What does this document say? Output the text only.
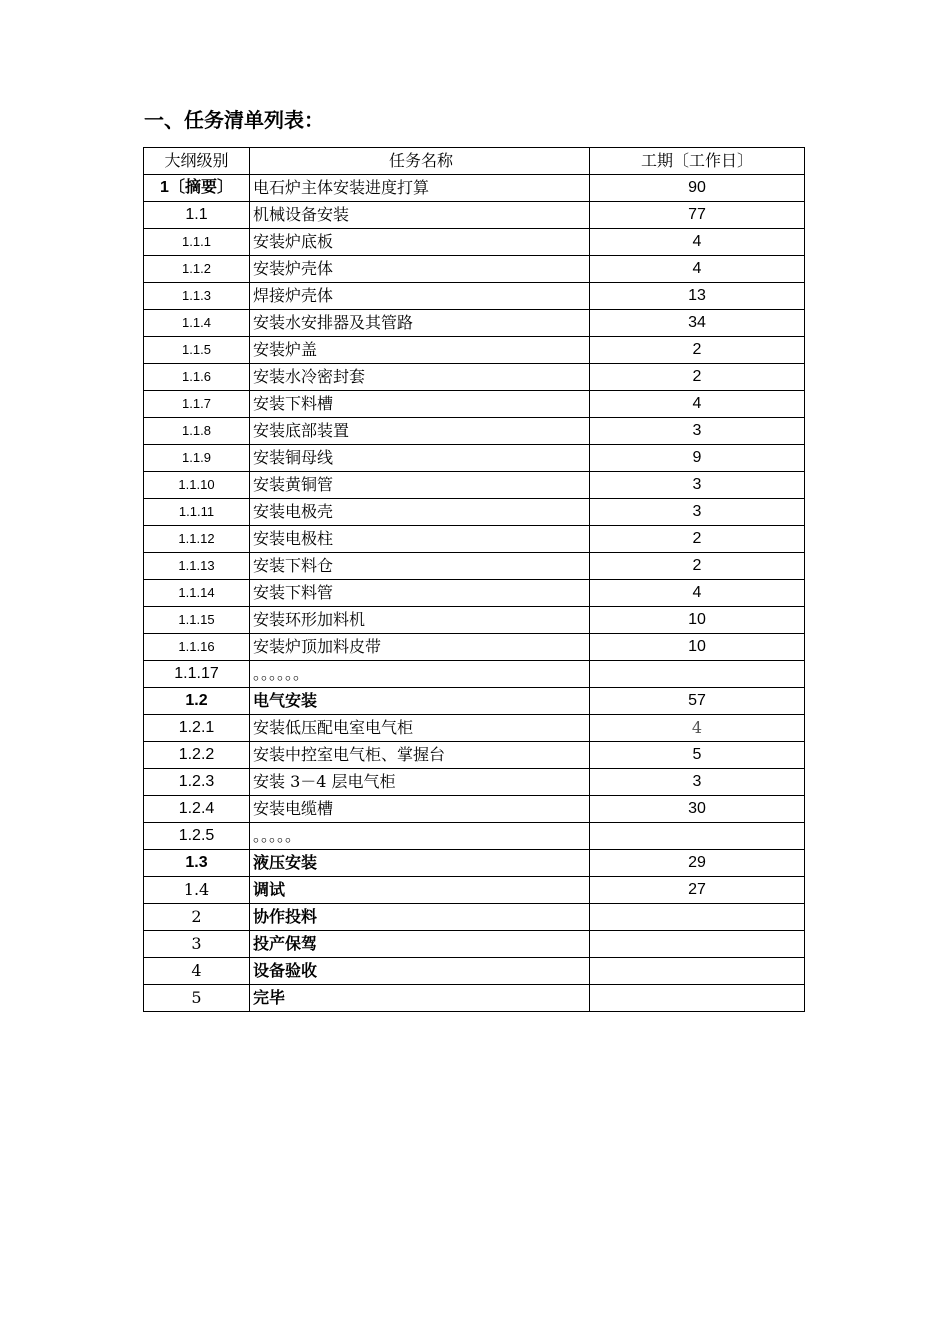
一、任务清单列表：
大纲级别	任务名称	工期〔工作日〕
1〔摘要〕	电石炉主体安装进度打算	90
1.1	机械设备安装	77
1.1.1	安装炉底板	4
1.1.2	安装炉壳体	4
1.1.3	焊接炉壳体	13
1.1.4	安装水安排器及其管路	34
1.1.5	安装炉盖	2
1.1.6	安装水冷密封套	2
1.1.7	安装下料槽	4
1.1.8	安装底部装置	3
1.1.9	安装铜母线	9
1.1.10	安装黄铜管	3
1.1.11	安装电极壳	3
1.1.12	安装电极柱	2
1.1.13	安装下料仓	2
1.1.14	安装下料管	4
1.1.15	安装环形加料机	10
1.1.16	安装炉顶加料皮带	10
1.1.17	。。。。。。	
1.2	电气安装	57
1.2.1	安装低压配电室电气柜	4
1.2.2	安装中控室电气柜、掌握台	5
1.2.3	安装 3－4 层电气柜	3
1.2.4	安装电缆槽	30
1.2.5	。。。。。	
1.3	液压安装	29
1.4	调试	27
2	协作投料	
3	投产保驾	
4	设备验收	
5	完毕	
